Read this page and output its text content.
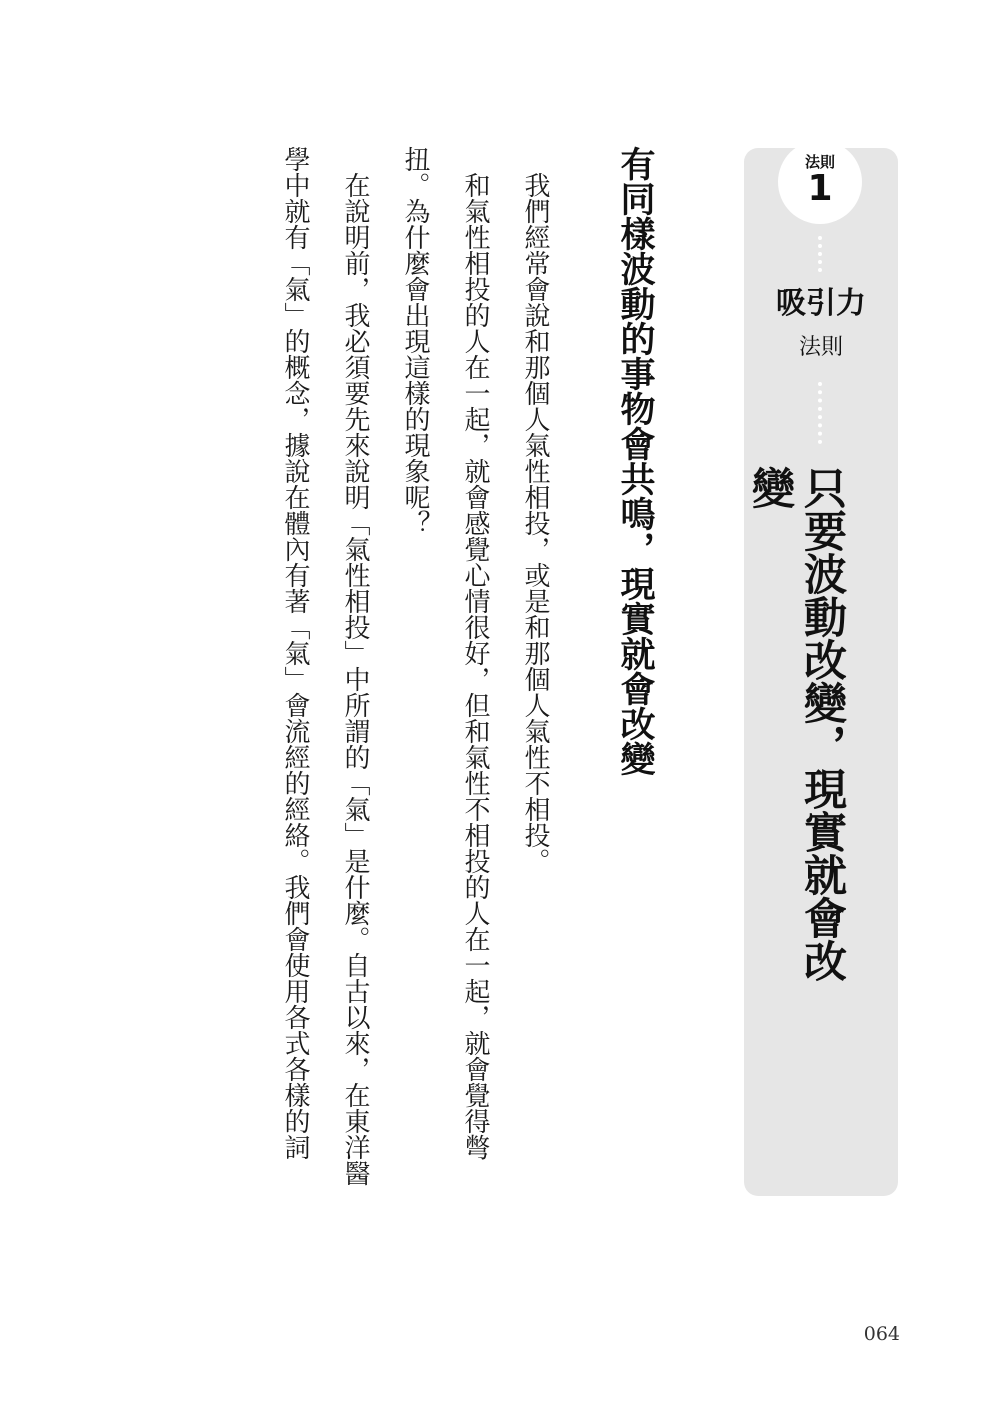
法則
1
吸引力
法則
只要波動改變，現實就會改變
有同樣波動的事物會共鳴，現實就會改變

我們經常會說和那個人氣性相投，或是和那個人氣性不相投。

和氣性相投的人在一起，就會感覺心情很好，但和氣性不相投的人在一起，就會覺得彆扭。為什麼會出現這樣的現象呢？

在說明前，我必須要先來說明「氣性相投」中所謂的「氣」是什麼。自古以來，在東洋醫學中就有「氣」的概念，據說在體內有著「氣」會流經的經絡。我們會使用各式各樣的詞

064
